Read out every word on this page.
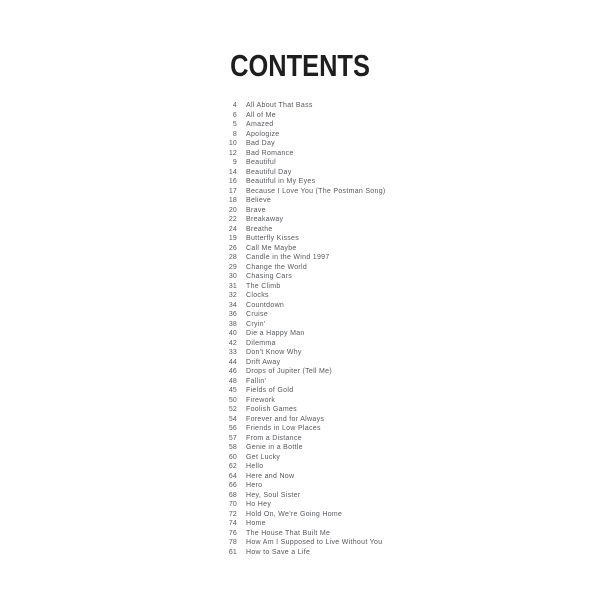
CONTENTS
4 All About That Bass
6 All of Me
5 Amazed
8 Apologize
10 Bad Day
12 Bad Romance
9 Beautiful
14 Beautiful Day
16 Beautiful in My Eyes
17 Because I Love You (The Postman Song)
18 Believe
20 Brave
22 Breakaway
24 Breathe
19 Butterfly Kisses
26 Call Me Maybe
28 Candle in the Wind 1997
29 Change the World
30 Chasing Cars
31 The Climb
32 Clocks
34 Countdown
36 Cruise
38 Cryin'
40 Die a Happy Man
42 Dilemma
33 Don't Know Why
44 Drift Away
46 Drops of Jupiter (Tell Me)
48 Fallin'
45 Fields of Gold
50 Firework
52 Foolish Games
54 Forever and for Always
56 Friends in Low Places
57 From a Distance
58 Genie in a Bottle
60 Get Lucky
62 Hello
64 Here and Now
66 Hero
68 Hey, Soul Sister
70 Ho Hey
72 Hold On, We're Going Home
74 Home
76 The House That Built Me
78 How Am I Supposed to Live Without You
61 How to Save a Life
